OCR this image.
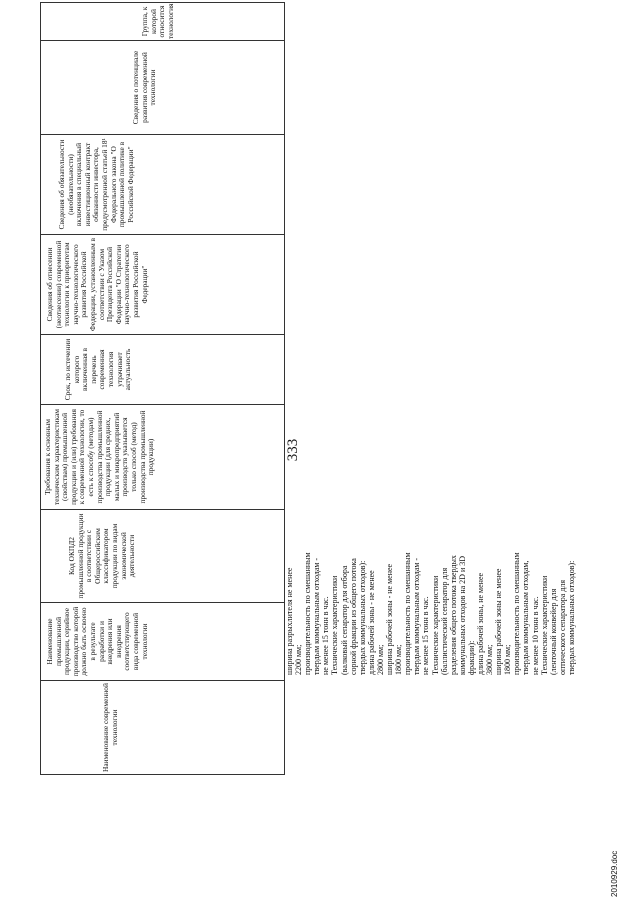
333
Наименование современной технологии
Наименование промышленной продукции, серийное производство которой должно быть освоено в результате разработки и внедрения или внедрения соответствующего вида современной технологии
Код ОКПД2 промышленной продукции в соответствии с Общероссийским классификатором продукции по видам экономической деятельности
Требования к основным техническим характеристикам (свойствам) промышленной продукции и (или) требования к современной технологии, то есть к способу (методам) производства промышленной продукции (для средних, малых и микропредприятий производств указывается только способ (метод) производства промышленной продукции)
Срок, по истечении которого включенная в перечень современная технология утрачивает актуальность
Сведения об отнесении (неотнесении) современной технологии к приоритетам научно-технологического развития Российской Федерации, установленным в соответствии с Указом Президента Российской Федерации "О Стратегии научно-технологического развития Российской Федерации"
Сведения об обязательности (необязательности) включения в специальный инвестиционный контракт обязанности инвестора, предусмотренной статьей 18¹ Федерального закона "О промышленной политике в Российской Федерации"
Сведения о потенциале развития современной технологии
Группа, к которой относится технология
ширина разрыхлителя не менее
2200 мм;
производительность по смешанным
твердым коммунальным отходам -
не менее 15 тонн в час.
Технические характеристики
(валковый сепаратор для отбора
сорной фракции из общего потока
твердых коммунальных отходов):
длина рабочей зоны - не менее
2800 мм;
ширина рабочей зоны - не менее
1800 мм;
производительность по смешанным
твердым коммунальным отходам -
не менее 15 тонн в час.
Технические характеристики
(баллистический сепаратор для
разделения общего потока твердых
коммунальных отходов на 2D и 3D
фракции):
длина рабочей зоны, не менее
3800 мм;
ширина рабочей зоны не менее
1800 мм;
производительность по смешанным
твердым коммунальным отходам,
не менее 10 тонн в час.
Технические характеристики
(ленточный конвейер для
оптического сепаратора для
твердых коммунальных отходов):
2010929.doc
